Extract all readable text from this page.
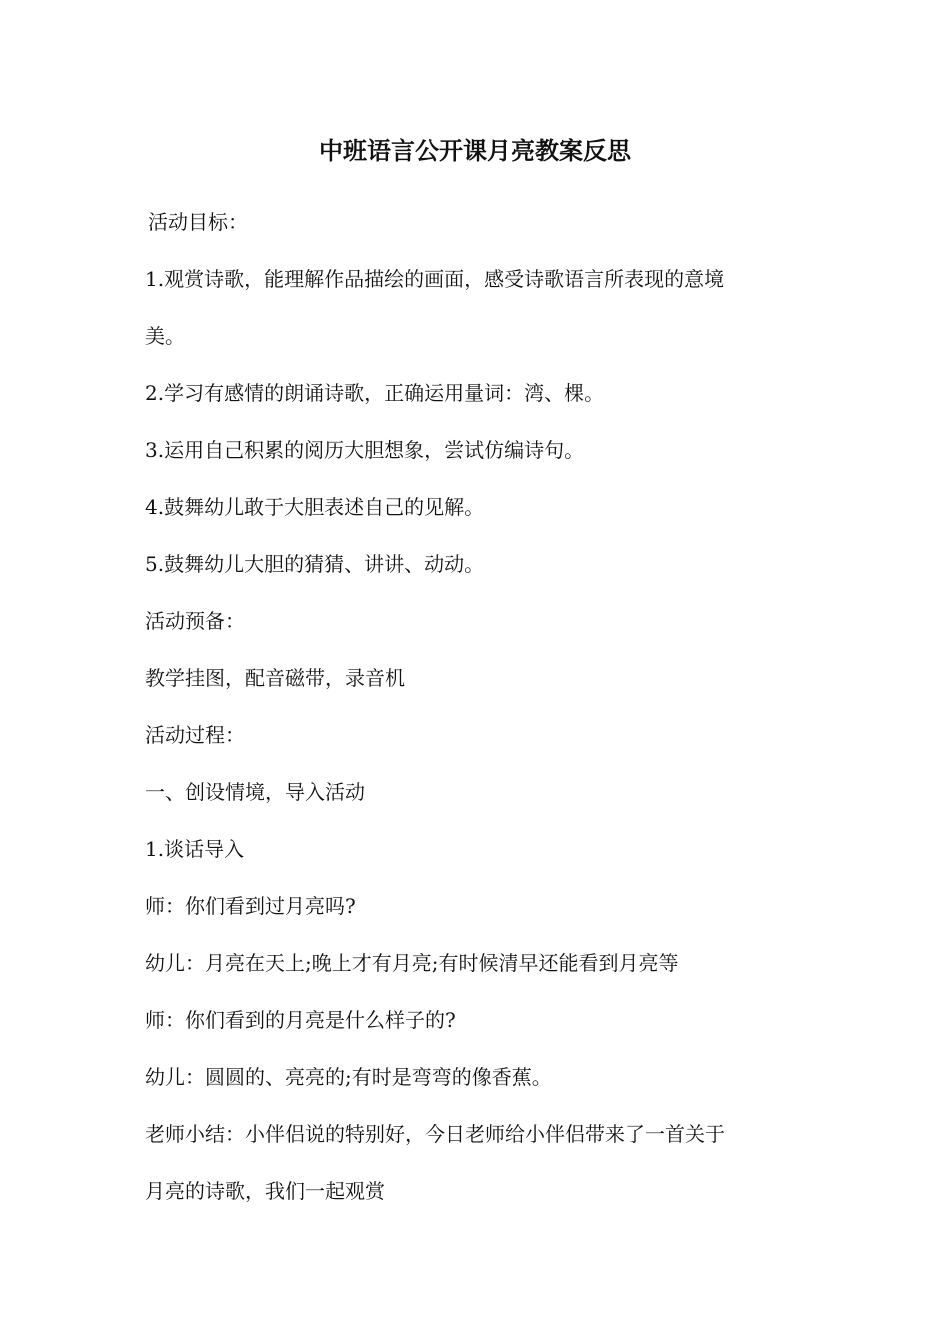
中班语言公开课月亮教案反思
活动目标：
1.观赏诗歌，能理解作品描绘的画面，感受诗歌语言所表现的意境
美。
2.学习有感情的朗诵诗歌，正确运用量词：湾、棵。
3.运用自己积累的阅历大胆想象，尝试仿编诗句。
4.鼓舞幼儿敢于大胆表述自己的见解。
5.鼓舞幼儿大胆的猜猜、讲讲、动动。
活动预备：
教学挂图，配音磁带，录音机
活动过程：
一、创设情境，导入活动
1.谈话导入
师：你们看到过月亮吗?
幼儿：月亮在天上;晚上才有月亮;有时候清早还能看到月亮等
师：你们看到的月亮是什么样子的?
幼儿：圆圆的、亮亮的;有时是弯弯的像香蕉。
老师小结：小伴侣说的特别好，今日老师给小伴侣带来了一首关于
月亮的诗歌，我们一起观赏
